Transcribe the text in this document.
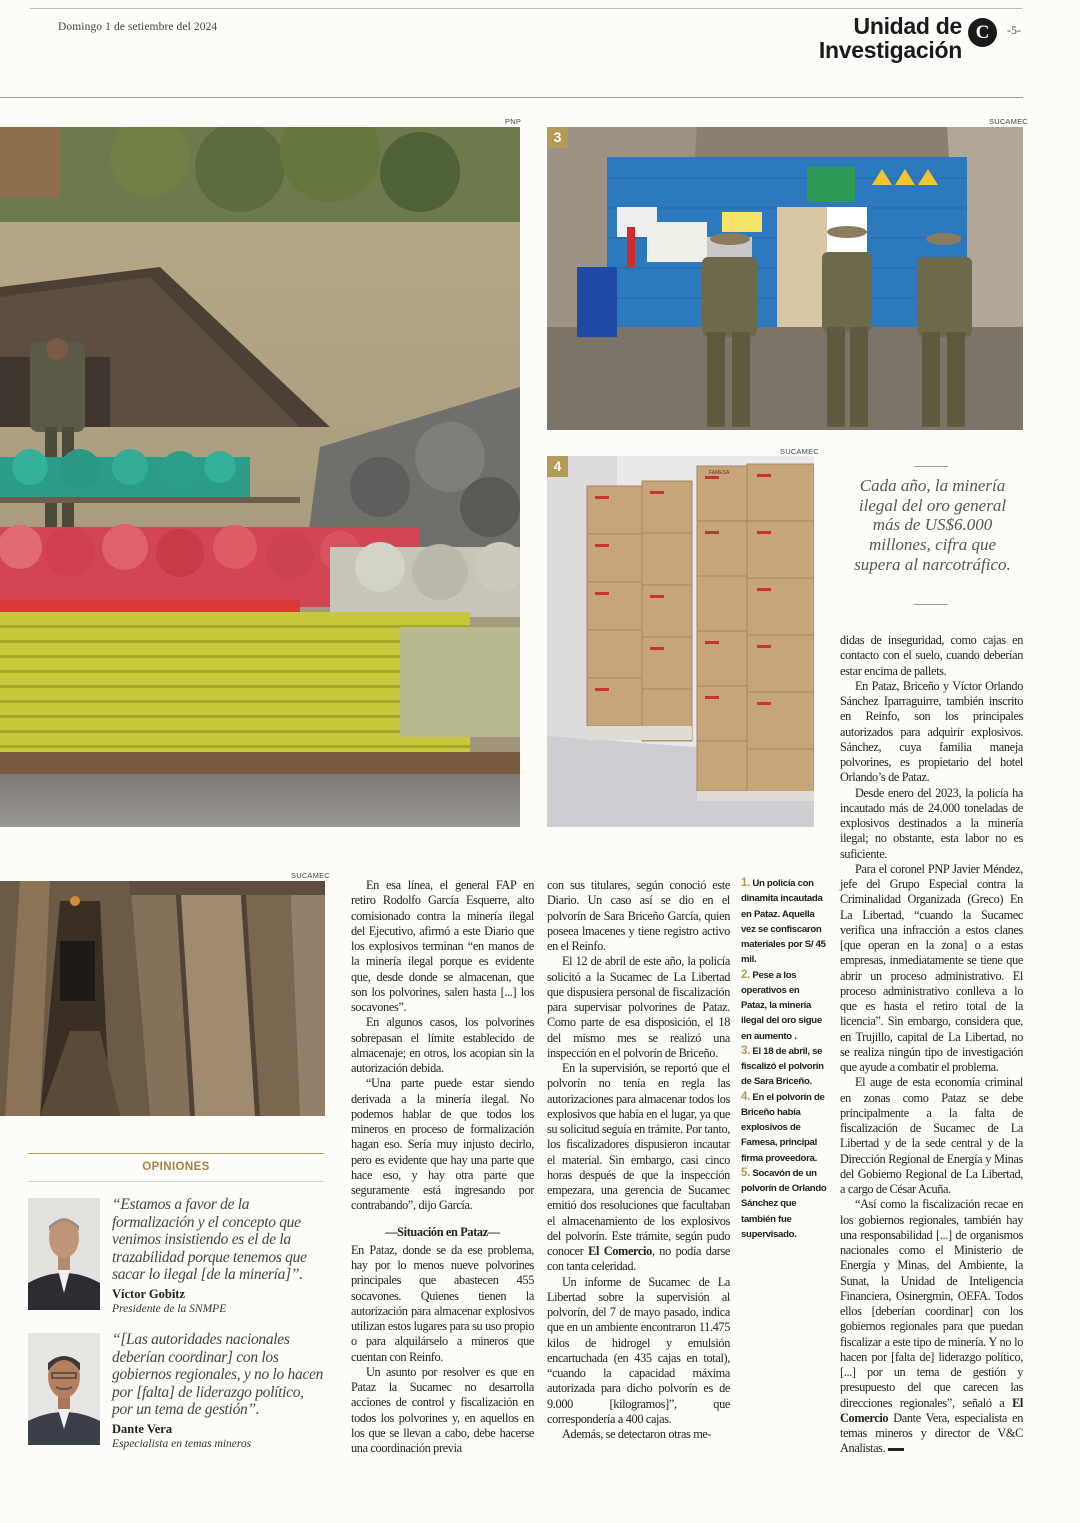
Domingo 1 de setiembre del 2024	Unidad de
Investigación
C	-5-
PNP	SUCAMEC
3
SUCAMEC
FAMESA
4
Cada año, la minería ilegal del oro general más de US$6.000 millones, cifra que supera al narcotráfico.
SUCAMEC
OPINIONES
“Estamos a favor de la formalización y el concepto que venimos insistiendo es el de la trazabilidad porque tenemos que sacar lo ilegal [de la minería]”.
Víctor Gobitz
Presidente de la SNMPE
“[Las autoridades nacionales deberían coordinar] con los gobiernos regionales, y no lo hacen por [falta] de liderazgo político, por un tema de gestión”.
Dante Vera
Especialista en temas mineros

En esa línea, el general FAP en retiro Rodolfo García Esquerre, alto comisionado contra la minería ilegal del Ejecutivo, afirmó a este Diario que los explosivos terminan “en manos de la minería ilegal porque es evidente que, desde donde se almacenan, que son los polvorines, salen hasta [...] los socavones”.

En algunos casos, los polvorines sobrepasan el límite establecido de almacenaje; en otros, los acopian sin la autorización debida.

“Una parte puede estar siendo derivada a la minería ilegal. No podemos hablar de que todos los mineros en proceso de formalización hagan eso. Sería muy injusto decirlo, pero es evidente que hay una parte que hace eso, y hay otra parte que seguramente está ingresando por contrabando”, dijo García.

—Situación en Pataz—

En Pataz, donde se da ese problema, hay por lo menos nueve polvorines principales que abastecen 455 socavones. Quienes tienen la autorización para almacenar explosivos utilizan estos lugares para su uso propio o para alquilárselo a mineros que cuentan con Reinfo.

Un asunto por resolver es que en Pataz la Sucamec no desarrolla acciones de control y fiscalización en todos los polvorines y, en aquellos en los que se llevan a cabo, debe hacerse una coordinación previa

con sus titulares, según conoció este Diario. Un caso así se dio en el polvorín de Sara Briceño García, quien poseea lmacenes y tiene registro activo en el Reinfo.

El 12 de abril de este año, la policía solicitó a la Sucamec de La Libertad que dispusiera personal de fiscalización para supervisar polvorines de Pataz. Como parte de esa disposición, el 18 del mismo mes se realizó una inspección en el polvorín de Briceño.

En la supervisión, se reportó que el polvorín no tenía en regla las autorizaciones para almacenar todos los explosivos que había en el lugar, ya que su solicitud seguía en trámite. Por tanto, los fiscalizadores dispusieron incautar el material. Sin embargo, casi cinco horas después de que la inspección empezara, una gerencia de Sucamec emitió dos resoluciones que facultaban el almacenamiento de los explosivos del polvorín. Este trámite, según pudo conocer El Comercio, no podía darse con tanta celeridad.

Un informe de Sucamec de La Libertad sobre la supervisión al polvorín, del 7 de mayo pasado, indica que en un ambiente encontraron 11.475 kilos de hidrogel y emulsión encartuchada (en 435 cajas en total), “cuando la capacidad máxima autorizada para dicho polvorín es de 9.000 [kilogramos]”, que correspondería a 400 cajas.

Además, se detectaron otras me-

1. Un policía con dinamita incautada en Pataz. Aquella vez se confiscaron materiales por S/ 45 mil.
2. Pese a los operativos en Pataz, la minería ilegal del oro sigue en aumento .
3. El 18 de abril, se fiscalizó el polvorín de Sara Briceño.
4. En el polvorín de Briceño había explosivos de Famesa, principal firma proveedora.
5. Socavón de un polvorín de Orlando Sánchez que también fue supervisado.

didas de inseguridad, como cajas en contacto con el suelo, cuando deberían estar encima de pallets.

En Pataz, Briceño y Víctor Orlando Sánchez Iparraguirre, también inscrito en Reinfo, son los principales autorizados para adquirir explosivos. Sánchez, cuya familia maneja polvorines, es propietario del hotel Orlando’s de Pataz.

Desde enero del 2023, la policía ha incautado más de 24.000 toneladas de explosivos destinados a la minería ilegal; no obstante, esta labor no es suficiente.

Para el coronel PNP Javier Méndez, jefe del Grupo Especial contra la Criminalidad Organizada (Greco) En La Libertad, “cuando la Sucamec verifica una infracción a estos clanes [que operan en la zona] o a estas empresas, inmediatamente se tiene que abrir un proceso administrativo. El proceso administrativo conlleva a lo que es hasta el retiro total de la licencia”. Sin embargo, considera que, en Trujillo, capital de La Libertad, no se realiza ningún tipo de investigación que ayude a combatir el problema.

El auge de esta economía criminal en zonas como Pataz se debe principalmente a la falta de fiscalización de Sucamec de La Libertad y de la sede central y de la Dirección Regional de Energía y Minas del Gobierno Regional de La Libertad, a cargo de César Acuña.

“Así como la fiscalización recae en los gobiernos regionales, también hay una responsabilidad [...] de organismos nacionales como el Ministerio de Energía y Minas, del Ambiente, la Sunat, la Unidad de Inteligencia Financiera, Osinergmin, OEFA. Todos ellos [deberían coordinar] con los gobiernos regionales para que puedan fiscalizar a este tipo de minería. Y no lo hacen por [falta de] liderazgo político, [...] por un tema de gestión y presupuesto del que carecen las direcciones regionales”, señaló a El Comercio Dante Vera, especialista en temas mineros y director de V&C Analistas.
